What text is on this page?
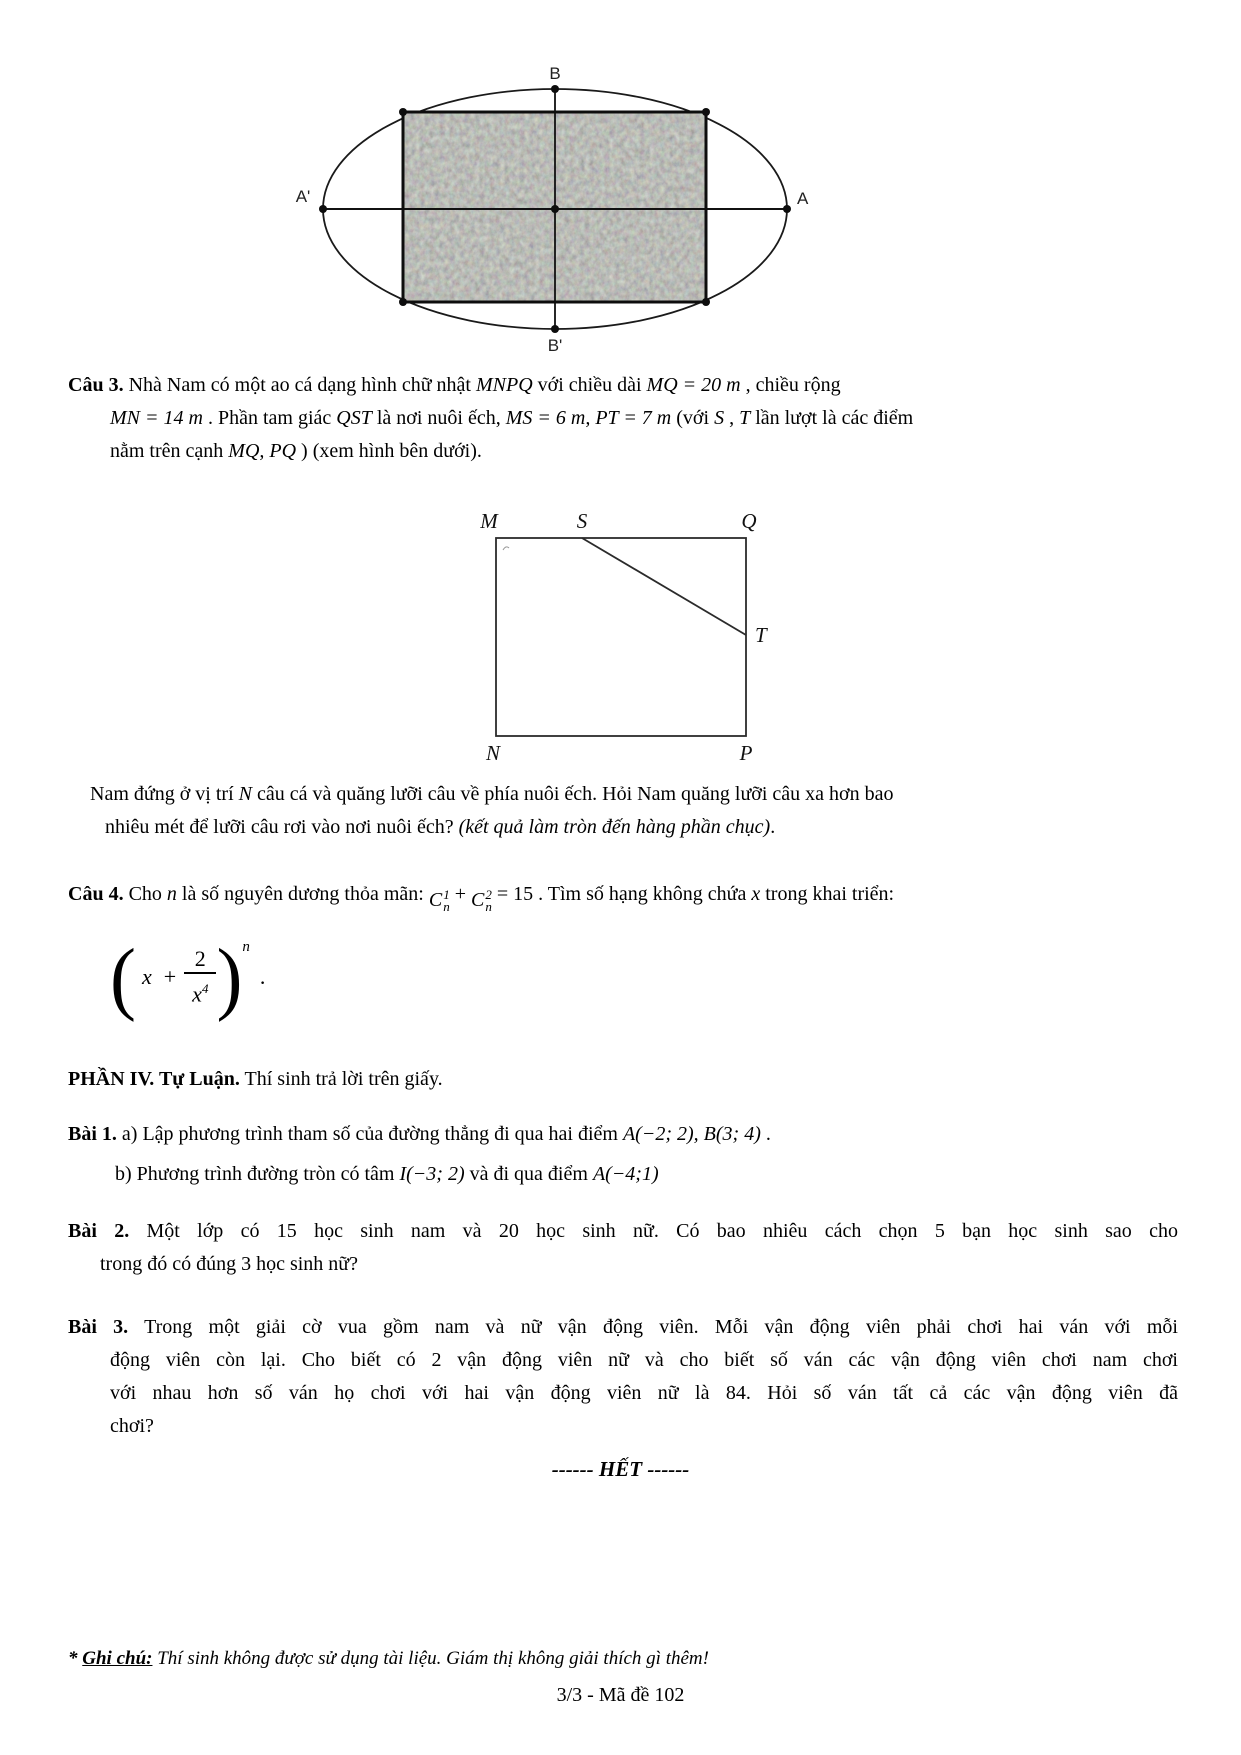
B
A'	A
B'

Câu 3. Nhà Nam có một ao cá dạng hình chữ nhật MNPQ với chiều dài MQ = 20 m , chiều rộng
MN = 14 m . Phần tam giác QST là nơi nuôi ếch, MS = 6 m, PT = 7 m (với S , T lần lượt là các điểm
nằm trên cạnh MQ, PQ ) (xem hình bên dưới).

M	S	Q
T
N	P

Nam đứng ở vị trí N câu cá và quăng lưỡi câu về phía nuôi ếch. Hỏi Nam quăng lưỡi câu xa hơn bao
nhiêu mét để lưỡi câu rơi vào nơi nuôi ếch? (kết quả làm tròn đến hàng phần chục).

Câu 4. Cho n là số nguyên dương thỏa mãn: C 1
n
+ C 2
n
= 15 . Tìm số hạng không chứa x trong khai triển:

( $x + \frac{2}{x^4}$ ) n
.

PHẦN IV. Tự Luận. Thí sinh trả lời trên giấy.

Bài 1. a) Lập phương trình tham số của đường thẳng đi qua hai điểm A(−2; 2), B(3; 4) .

b) Phương trình đường tròn có tâm I(−3; 2) và đi qua điểm A(−4;1)

Bài 2. Một lớp có 15 học sinh nam và 20 học sinh nữ. Có bao nhiêu cách chọn 5 bạn học sinh sao cho
trong đó có đúng 3 học sinh nữ?

Bài 3. Trong một giải cờ vua gồm nam và nữ vận động viên. Mỗi vận động viên phải chơi hai ván với mỗi
động viên còn lại. Cho biết có 2 vận động viên nữ và cho biết số ván các vận động viên chơi nam chơi
với nhau hơn số ván họ chơi với hai vận động viên nữ là 84. Hỏi số ván tất cả các vận động viên đã
chơi?

------ HẾT ------

* Ghi chú: Thí sinh không được sử dụng tài liệu. Giám thị không giải thích gì thêm!
3/3 - Mã đề 102
